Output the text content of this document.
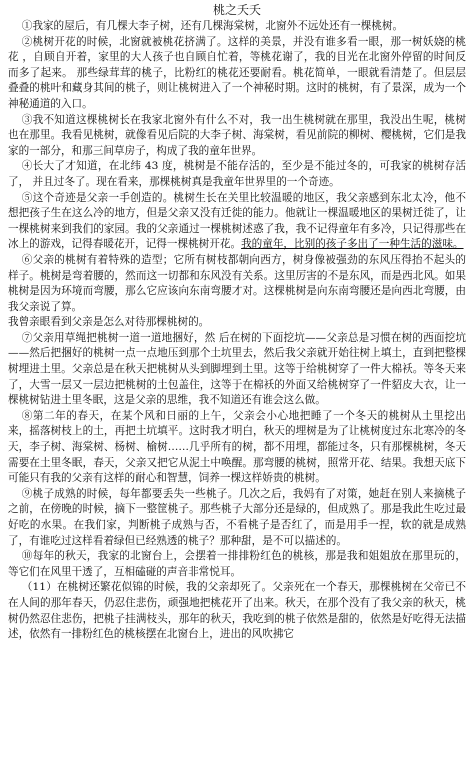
桃之夭夭

①我家的屋后，有几棵大李子树，还有几棵海棠树，北窗外不远处还有一棵桃树。

②桃树开花的时候，北窗就被桃花挤满了。这样的美景，并没有谁多看一眼，那一树妖娆的桃花 ，自顾自开着，家里的大人孩子也自顾自忙着，等桃花谢了，我的目光在北窗外停留的时间反而多了起来。 那些绿茸茸的桃子，比粉红的桃花还要耐看。桃花简单，一眼就看清楚了。但层层叠叠的桃叶和藏身其间的桃子，则让桃树进入了一个神秘时期。这时的桃树，有了景深，成为一个神秘通道的入口。

③我不知道这棵桃树长在我家北窗外有什么不对，我一出生桃树就在那里，我没出生呢，桃树也在那里。我看见桃树，就像看见后院的大李子树、海棠树，看见前院的柳树、樱桃树，它们是我家的一部分，和那三间草房子，构成了我的童年世界。

④长大了才知道，在北纬 43 度，桃树是不能存活的，至少是不能过冬的，可我家的桃树存活了， 并且过冬了。现在看来，那棵桃树真是我童年世界里的一个奇迹。

⑤这个奇迹是父亲一手创造的。桃树生长在关里比较温暖的地区，我父亲感到东北太冷，他不想把孩子生在这么冷的地方，但是父亲又没有迁徙的能力。他就让一棵温暖地区的果树迁徙了，让一棵桃树来到我们的家园。我的父亲通过一棵桃树述惑了我，我不记得童年有多冷，只记得那些在冰上的游戏，记得春暖花开，记得一棵桃树开花。我的童年，比别的孩子多出了一种生活的滋味。

⑥父亲的桃树有着特殊的造型；它所有树枝都朝向西方，树身像被强劲的东风压得抬不起头的样子。桃树是弯着腰的，然而这一切都和东风没有关系。这里厉害的不是东风，而是西北风。如果桃树是因为环境而弯腰，那么它应该向东南弯腰才对。这棵桃树是向东南弯腰还是向西北弯腰，由我父亲说了算。

我曾亲眼看到父亲是怎么对待那棵桃树的。

⑦父亲用草绳把桃树一道一道地捆好，然 后在树的下面挖坑——父亲总是习惯在树的西面挖坑——然后把捆好的桃树一点一点地压到那个土坑里去，然后我父亲就开始往树上填土，直到把整棵树埋进土里。父亲总是在秋天把桃树从头到脚埋到土里。这等于给桃树穿了一件大棉袄。等冬天来了，大雪一层又一层边把桃树的土包盖住，这等于在棉袄的外面又给桃树穿了一件貂皮大衣，让一棵桃树钻进土里冬眠，这是父亲的思维，我不知道还有谁会这么做。

⑧第二年的春天，在某个风和日丽的上午，父亲会小心地把睡了一个冬天的桃树从土里挖出来，摇落树枝上的土，再把土坑填平。这时我才明白，秋天的埋树是为了让桃树度过东北寒冷的冬天，李子树、海棠树、杨树、榆树……几乎所有的树，都不用埋，都能过冬，只有那棵桃树，冬天需要在土里冬眠，春天，父亲又把它从泥土中唤醒。那弯腰的桃树，照常开花、结果。我想天底下可能只有我的父亲有这样的耐心和智慧，饲养一棵这样娇贵的桃树。

⑨桃子成熟的时候，每年都要丢失一些桃子。几次之后，我妈有了对策，她赶在别人来摘桃子之前，在傍晚的时候，摘下一整筐桃子。那些桃子大部分还是绿的，但成熟了。那是我此生吃过最好吃的水果。在我们家，判断桃子成熟与否，不看桃子是否红了，而是用手一捏，软的就是成熟了，有谁吃过这样看着绿但已经熟透的桃子？那种甜，是不可以描述的。

⑩每年的秋天，我家的北窗台上，会摆着一排排粉红色的桃核，那是我和姐姐放在那里玩的，等它们在风里干透了，互相磕碰的声音非常悦耳。

（11）在桃树还繁花似锦的时候，我的父亲却死了。父亲死在一个春天，那棵桃树在父帝已不在人间的那年春天，仍忍住悲伤，顽强地把桃花开了出来。秋天，在那个没有了我父亲的秋天，桃树仍然忍住悲伤，把桃子挂满枝头，那年的秋天，我吃到的桃子依然是甜的，依然是好吃得无法描述，依然有一排粉红色的桃核摆在北窗台上，进出的风吹拂它
